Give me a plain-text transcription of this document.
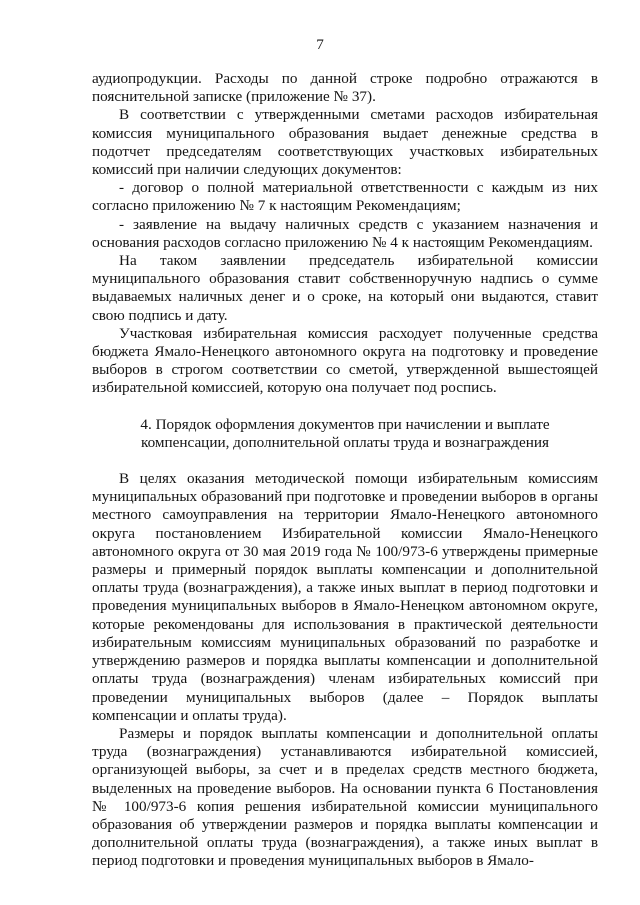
7

аудиопродукции. Расходы по данной строке подробно отражаются в пояснительной записке (приложение № 37).

В соответствии с утвержденными сметами расходов избирательная комиссия муниципального образования выдает денежные средства в подотчет председателям соответствующих участковых избирательных комиссий при наличии следующих документов:

- договор о полной материальной ответственности с каждым из них согласно приложению № 7 к настоящим Рекомендациям;

- заявление на выдачу наличных средств с указанием назначения и основания расходов согласно приложению № 4 к настоящим Рекомендациям.

На таком заявлении председатель избирательной комиссии муниципального образования ставит собственноручную надпись о сумме выдаваемых наличных денег и о сроке, на который они выдаются, ставит свою подпись и дату.

Участковая избирательная комиссия расходует полученные средства бюджета Ямало-Ненецкого автономного округа на подготовку и проведение выборов в строгом соответствии со сметой, утвержденной вышестоящей избирательной комиссией, которую она получает под роспись.

4. Порядок оформления документов при начислении и выплате компенсации, дополнительной оплаты труда и вознаграждения

В целях оказания методической помощи избирательным комиссиям муниципальных образований при подготовке и проведении выборов в органы местного самоуправления на территории Ямало-Ненецкого автономного округа постановлением Избирательной комиссии Ямало-Ненецкого автономного округа от 30 мая 2019 года № 100/973-6 утверждены примерные размеры и примерный порядок выплаты компенсации и дополнительной оплаты труда (вознаграждения), а также иных выплат в период подготовки и проведения муниципальных выборов в Ямало-Ненецком автономном округе, которые рекомендованы для использования в практической деятельности избирательным комиссиям муниципальных образований по разработке и утверждению размеров и порядка выплаты компенсации и дополнительной оплаты труда (вознаграждения) членам избирательных комиссий при проведении муниципальных выборов (далее – Порядок выплаты компенсации и оплаты труда).

Размеры и порядок выплаты компенсации и дополнительной оплаты труда (вознаграждения) устанавливаются избирательной комиссией, организующей выборы, за счет и в пределах средств местного бюджета, выделенных на проведение выборов. На основании пункта 6 Постановления № 100/973-6 копия решения избирательной комиссии муниципального образования об утверждении размеров и порядка выплаты компенсации и дополнительной оплаты труда (вознаграждения), а также иных выплат в период подготовки и проведения муниципальных выборов в Ямало-
